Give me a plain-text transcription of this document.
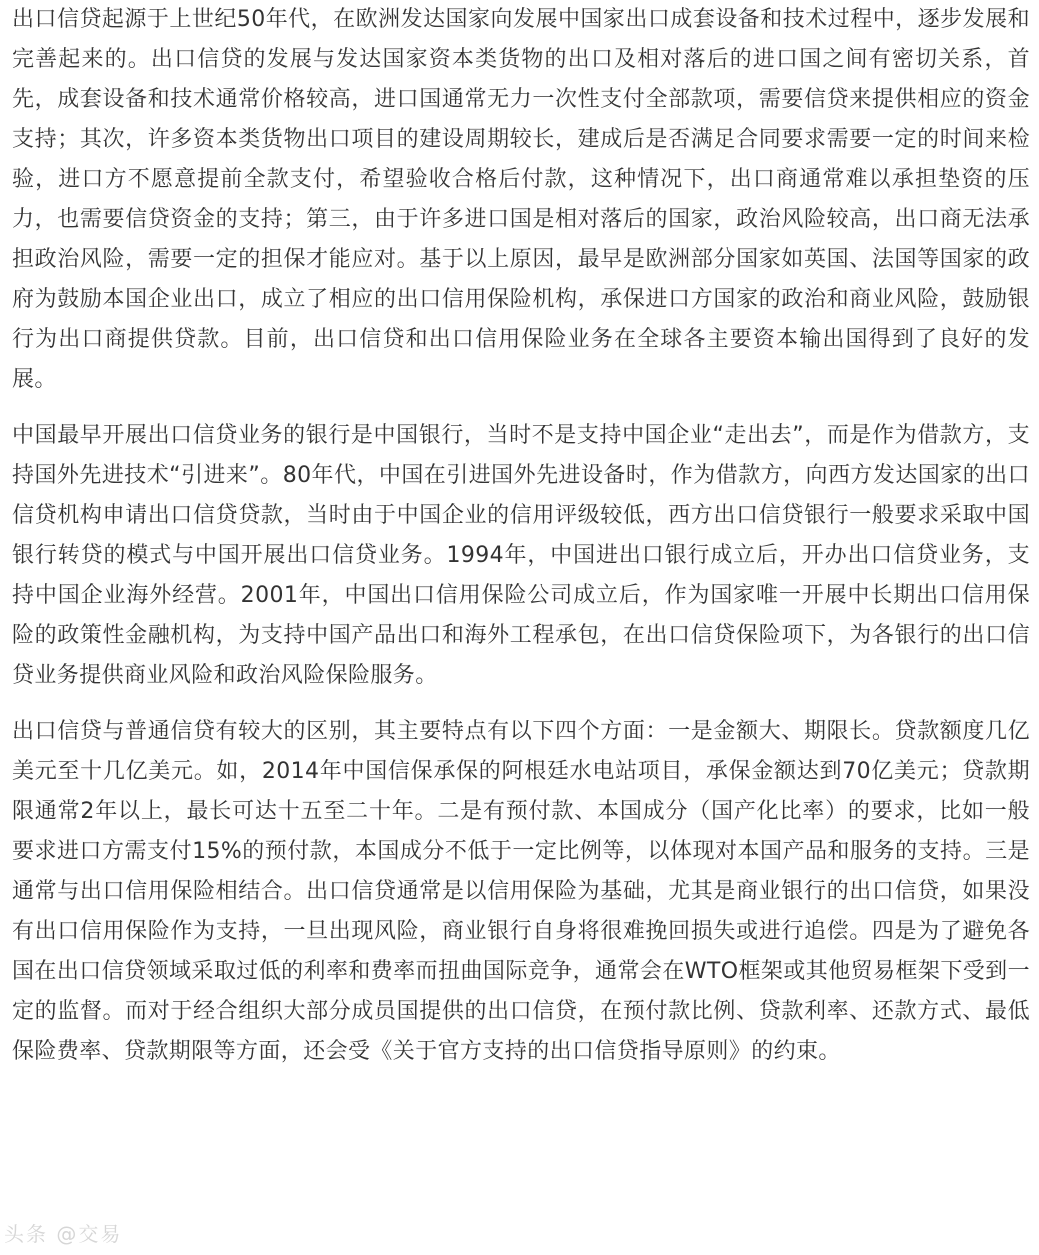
出口信贷起源于上世纪50年代，在欧洲发达国家向发展中国家出口成套设备和技术过程中，逐步发展和完善起来的。出口信贷的发展与发达国家资本类货物的出口及相对落后的进口国之间有密切关系，首先，成套设备和技术通常价格较高，进口国通常无力一次性支付全部款项，需要信贷来提供相应的资金支持；其次，许多资本类货物出口项目的建设周期较长，建成后是否满足合同要求需要一定的时间来检验，进口方不愿意提前全款支付，希望验收合格后付款，这种情况下，出口商通常难以承担垫资的压力，也需要信贷资金的支持；第三，由于许多进口国是相对落后的国家，政治风险较高，出口商无法承担政治风险，需要一定的担保才能应对。基于以上原因，最早是欧洲部分国家如英国、法国等国家的政府为鼓励本国企业出口，成立了相应的出口信用保险机构，承保进口方国家的政治和商业风险，鼓励银行为出口商提供贷款。目前，出口信贷和出口信用保险业务在全球各主要资本输出国得到了良好的发展。

中国最早开展出口信贷业务的银行是中国银行，当时不是支持中国企业“走出去”，而是作为借款方，支持国外先进技术“引进来”。80年代，中国在引进国外先进设备时，作为借款方，向西方发达国家的出口信贷机构申请出口信贷贷款，当时由于中国企业的信用评级较低，西方出口信贷银行一般要求采取中国银行转贷的模式与中国开展出口信贷业务。1994年，中国进出口银行成立后，开办出口信贷业务，支持中国企业海外经营。2001年，中国出口信用保险公司成立后，作为国家唯一开展中长期出口信用保险的政策性金融机构，为支持中国产品出口和海外工程承包，在出口信贷保险项下，为各银行的出口信贷业务提供商业风险和政治风险保险服务。

出口信贷与普通信贷有较大的区别，其主要特点有以下四个方面：一是金额大、期限长。贷款额度几亿美元至十几亿美元。如，2014年中国信保承保的阿根廷水电站项目，承保金额达到70亿美元；贷款期限通常2年以上，最长可达十五至二十年。二是有预付款、本国成分（国产化比率）的要求，比如一般要求进口方需支付15%的预付款，本国成分不低于一定比例等，以体现对本国产品和服务的支持。三是通常与出口信用保险相结合。出口信贷通常是以信用保险为基础，尤其是商业银行的出口信贷，如果没有出口信用保险作为支持，一旦出现风险，商业银行自身将很难挽回损失或进行追偿。四是为了避免各国在出口信贷领域采取过低的利率和费率而扭曲国际竞争，通常会在WTO框架或其他贸易框架下受到一定的监督。而对于经合组织大部分成员国提供的出口信贷，在预付款比例、贷款利率、还款方式、最低保险费率、贷款期限等方面，还会受《关于官方支持的出口信贷指导原则》的约束。

头条 @交易
